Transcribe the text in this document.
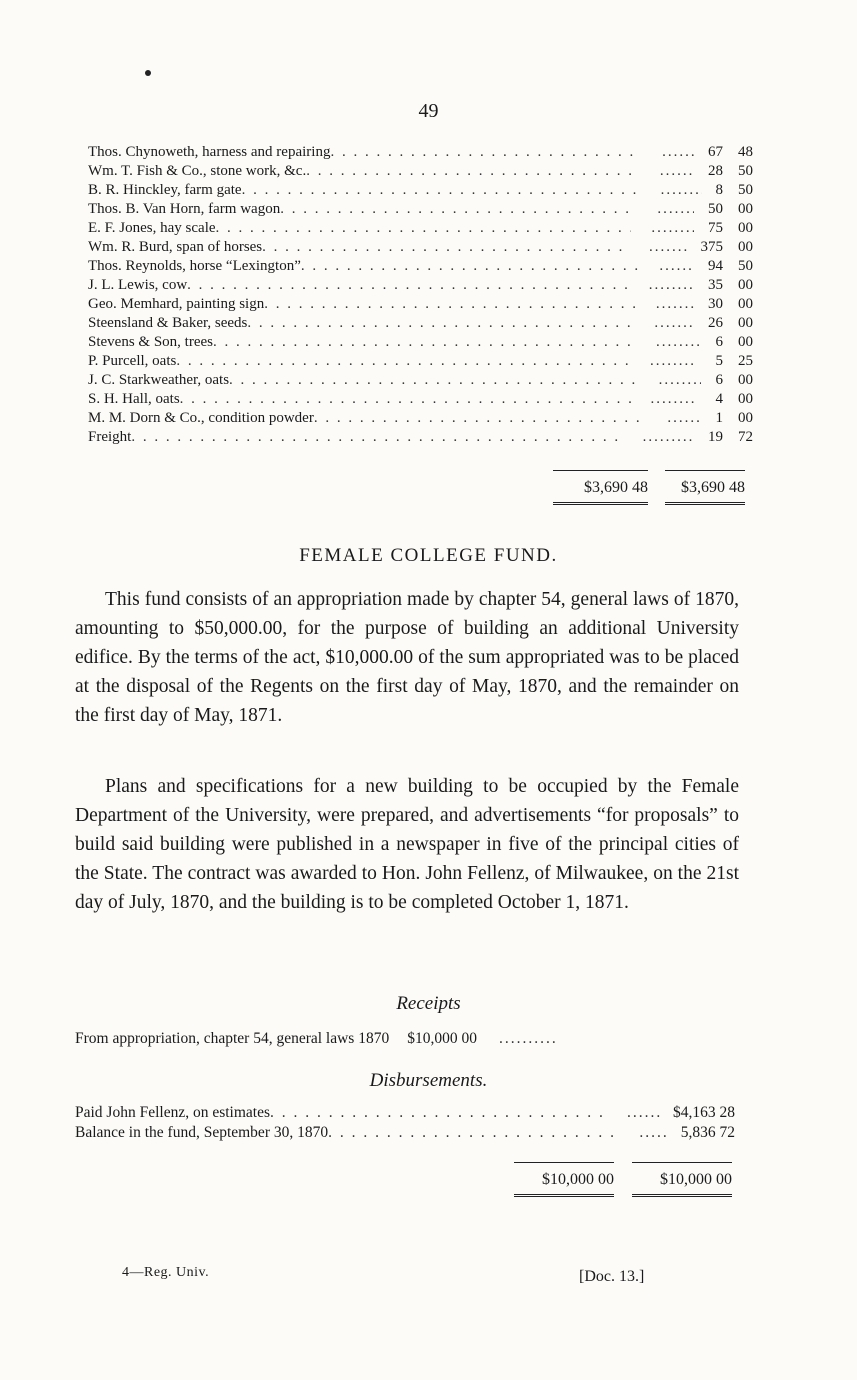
49
Thos. Chynoweth, harness and repairing . . . .....	67 48
Wm. T. Fish & Co., stone work, &c. . . . .....	28 50
B. R. Hinckley, farm gate . . . .....	8 50
Thos. B. Van Horn, farm wagon . . . .....	50 00
E. F. Jones, hay scale . . . .....	75 00
Wm. R. Burd, span of horses . . . .....	375 00
Thos. Reynolds, horse “Lexington” . . . .....	94 50
J. L. Lewis, cow . . . .....	35 00
Geo. Memhard, painting sign . . . .....	30 00
Steensland & Baker, seeds . . . .....	26 00
Stevens & Son, trees . . . .....	6 00
P. Purcell, oats . . . .....	5 25
J. C. Starkweather, oats . . . .....	6 00
S. H. Hall, oats . . . .....	4 00
M. M. Dorn & Co., condition powder . . . .....	1 00
Freight . . . .....	19 72
$3,690 48	$3,690 48
FEMALE COLLEGE FUND.

This fund consists of an appropriation made by chapter 54, general laws of 1870, amounting to $50,000.00, for the purpose of building an additional University edifice. By the terms of the act, $10,000.00 of the sum appropriated was to be placed at the disposal of the Regents on the first day of May, 1870, and the remainder on the first day of May, 1871.

Plans and specifications for a new building to be occupied by the Female Department of the University, were prepared, and advertisements “for proposals” to build said building were published in a newspaper in five of the principal cities of the State. The contract was awarded to Hon. John Fellenz, of Milwaukee, on the 21st day of July, 1870, and the building is to be completed October 1, 1871.

Receipts
From appropriation, chapter 54, general laws 1870 $10,000 00
.....
Disbursements.
Paid John Fellenz, on estimates . . . .....	$4,163 28
Balance in the fund, September 30, 1870 . . . .....	5,836 72
$10,000 00	$10,000 00
4—Reg. Univ.	[Doc. 13.]
